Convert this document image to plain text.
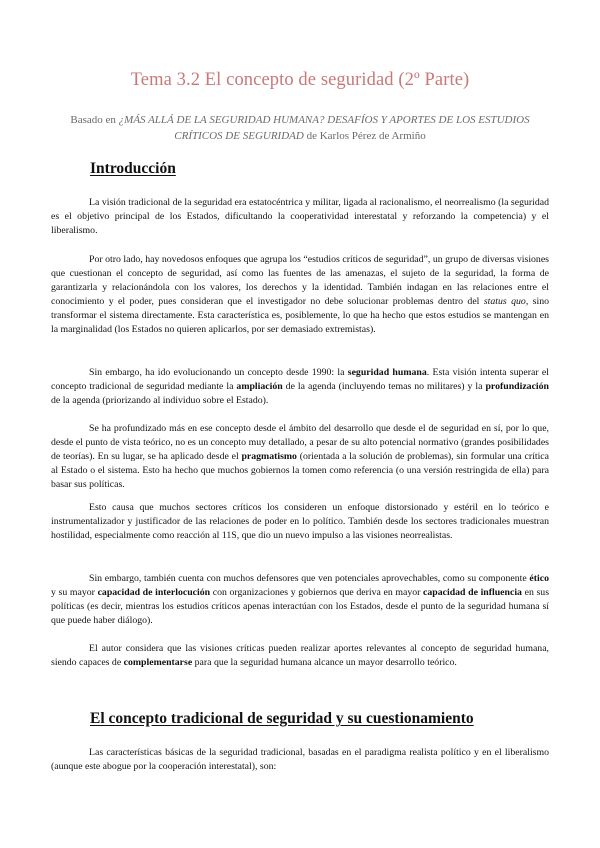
Tema 3.2 El concepto de seguridad (2º Parte)
Basado en ¿MÁS ALLÁ DE LA SEGURIDAD HUMANA? DESAFÍOS Y APORTES DE LOS ESTUDIOS CRÍTICOS DE SEGURIDAD de Karlos Pérez de Armiño
Introducción

La visión tradicional de la seguridad era estatocéntrica y militar, ligada al racionalismo, el neorrealismo (la seguridad es el objetivo principal de los Estados, dificultando la cooperatividad interestatal y reforzando la competencia) y el liberalismo.

Por otro lado, hay novedosos enfoques que agrupa los “estudios críticos de seguridad”, un grupo de diversas visiones que cuestionan el concepto de seguridad, así como las fuentes de las amenazas, el sujeto de la seguridad, la forma de garantizarla y relacionándola con los valores, los derechos y la identidad. También indagan en las relaciones entre el conocimiento y el poder, pues consideran que el investigador no debe solucionar problemas dentro del status quo, sino transformar el sistema directamente. Esta característica es, posiblemente, lo que ha hecho que estos estudios se mantengan en la marginalidad (los Estados no quieren aplicarlos, por ser demasiado extremistas).

Sin embargo, ha ido evolucionando un concepto desde 1990: la seguridad humana. Esta visión intenta superar el concepto tradicional de seguridad mediante la ampliación de la agenda (incluyendo temas no militares) y la profundización de la agenda (priorizando al individuo sobre el Estado).

Se ha profundizado más en ese concepto desde el ámbito del desarrollo que desde el de seguridad en sí, por lo que, desde el punto de vista teórico, no es un concepto muy detallado, a pesar de su alto potencial normativo (grandes posibilidades de teorías). En su lugar, se ha aplicado desde el pragmatismo (orientada a la solución de problemas), sin formular una crítica al Estado o el sistema. Esto ha hecho que muchos gobiernos la tomen como referencia (o una versión restringida de ella) para basar sus políticas.

Esto causa que muchos sectores críticos los consideren un enfoque distorsionado y estéril en lo teórico e instrumentalizador y justificador de las relaciones de poder en lo político. También desde los sectores tradicionales muestran hostilidad, especialmente como reacción al 11S, que dio un nuevo impulso a las visiones neorrealistas.

Sin embargo, también cuenta con muchos defensores que ven potenciales aprovechables, como su componente ético y su mayor capacidad de interlocución con organizaciones y gobiernos que deriva en mayor capacidad de influencia en sus políticas (es decir, mientras los estudios críticos apenas interactúan con los Estados, desde el punto de la seguridad humana sí que puede haber diálogo).

El autor considera que las visiones críticas pueden realizar aportes relevantes al concepto de seguridad humana, siendo capaces de complementarse para que la seguridad humana alcance un mayor desarrollo teórico.

El concepto tradicional de seguridad y su cuestionamiento

Las características básicas de la seguridad tradicional, basadas en el paradigma realista político y en el liberalismo (aunque este abogue por la cooperación interestatal), son:
